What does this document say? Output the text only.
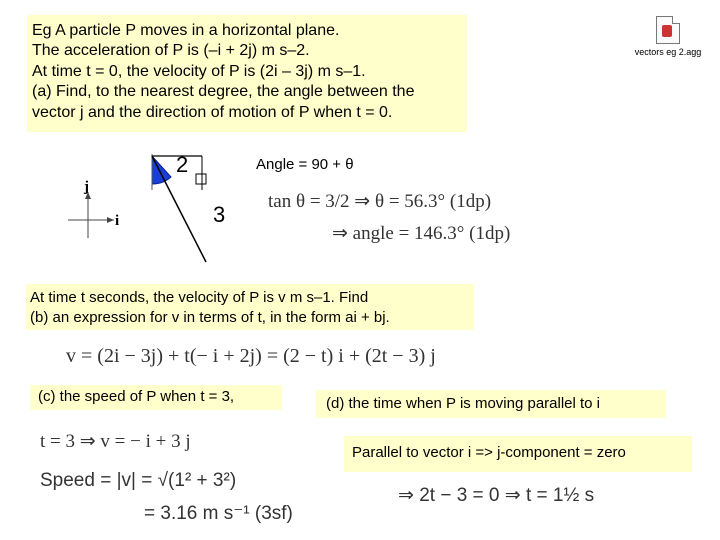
Eg A particle P moves in a horizontal plane.
The acceleration of P is (–i + 2j) m s–2.
At time t = 0, the velocity of P is (2i – 3j) m s–1.
(a) Find, to the nearest degree, the angle between the
vector j and the direction of motion of P when t = 0.
vectors eg 2.agg
Angle = 90 + θ
2
3
j
i
tan θ = 3/2 ⇒ θ = 56.3° (1dp)
⇒ angle = 146.3° (1dp)
At time t seconds, the velocity of P is v m s–1. Find
(b) an expression for v in terms of t, in the form ai + bj.
v = (2i − 3j) + t(− i + 2j) = (2 − t) i + (2t − 3) j
(c) the speed of P when t = 3,	(d) the time when P is moving parallel to i
t = 3 ⇒ v = − i + 3 j
Speed = |v| = √(1² + 3²)
= 3.16 m s⁻¹ (3sf)
Parallel to vector i => j-component = zero
⇒ 2t − 3 = 0 ⇒ t = 1½ s
